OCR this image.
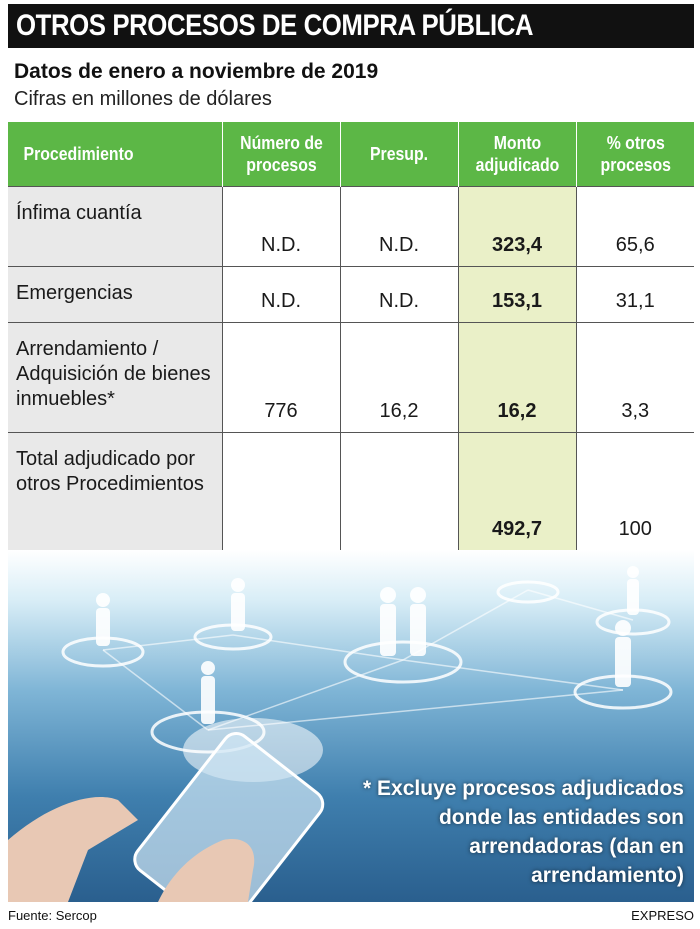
OTROS PROCESOS DE COMPRA PÚBLICA
Datos de enero a noviembre de 2019
Cifras en millones de dólares
Procedimiento	Número de procesos	Presup.	Monto adjudicado	% otros procesos
Ínfima cuantía	N.D.	N.D.	323,4	65,6
Emergencias	N.D.	N.D.	153,1	31,1
Arrendamiento / Adquisición de bienes inmuebles*	776	16,2	16,2	3,3
Total adjudicado por otros Procedimientos			492,7	100
* Excluye procesos adjudicados donde las entidades son arrendadoras (dan en arrendamiento)
Fuente: Sercop	EXPRESO
